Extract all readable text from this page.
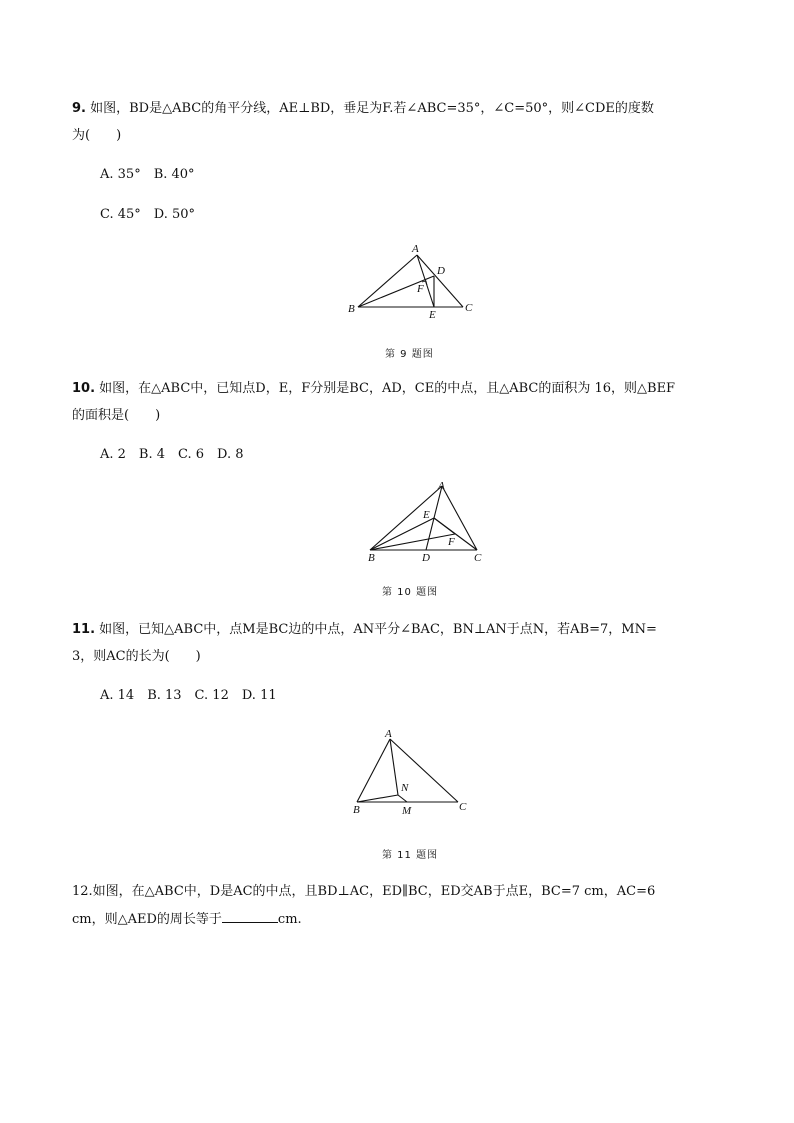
9. 如图，BD是△ABC的角平分线，AE⊥BD，垂足为F.若∠ABC=35°，∠C=50°，则∠CDE的度数
为(　　)
A. 35°　B. 40°
C. 45°　D. 50°
A
B	C
D
E
F
第 9 题图
10. 如图，在△ABC中，已知点D，E，F分别是BC，AD，CE的中点，且△ABC的面积为 16，则△BEF
的面积是(　　)
A. 2　B. 4　C. 6　D. 8
A
B	C
D
E
F
第 10 题图
11. 如图，已知△ABC中，点M是BC边的中点，AN平分∠BAC，BN⊥AN于点N，若AB=7，MN=
3，则AC的长为(　　)
A. 14　B. 13　C. 12　D. 11
A
B	C
M
N
第 11 题图
12.如图，在△ABC中，D是AC的中点，且BD⊥AC，ED∥BC，ED交AB于点E，BC=7 cm，AC=6
cm，则△AED的周长等于	cm.
